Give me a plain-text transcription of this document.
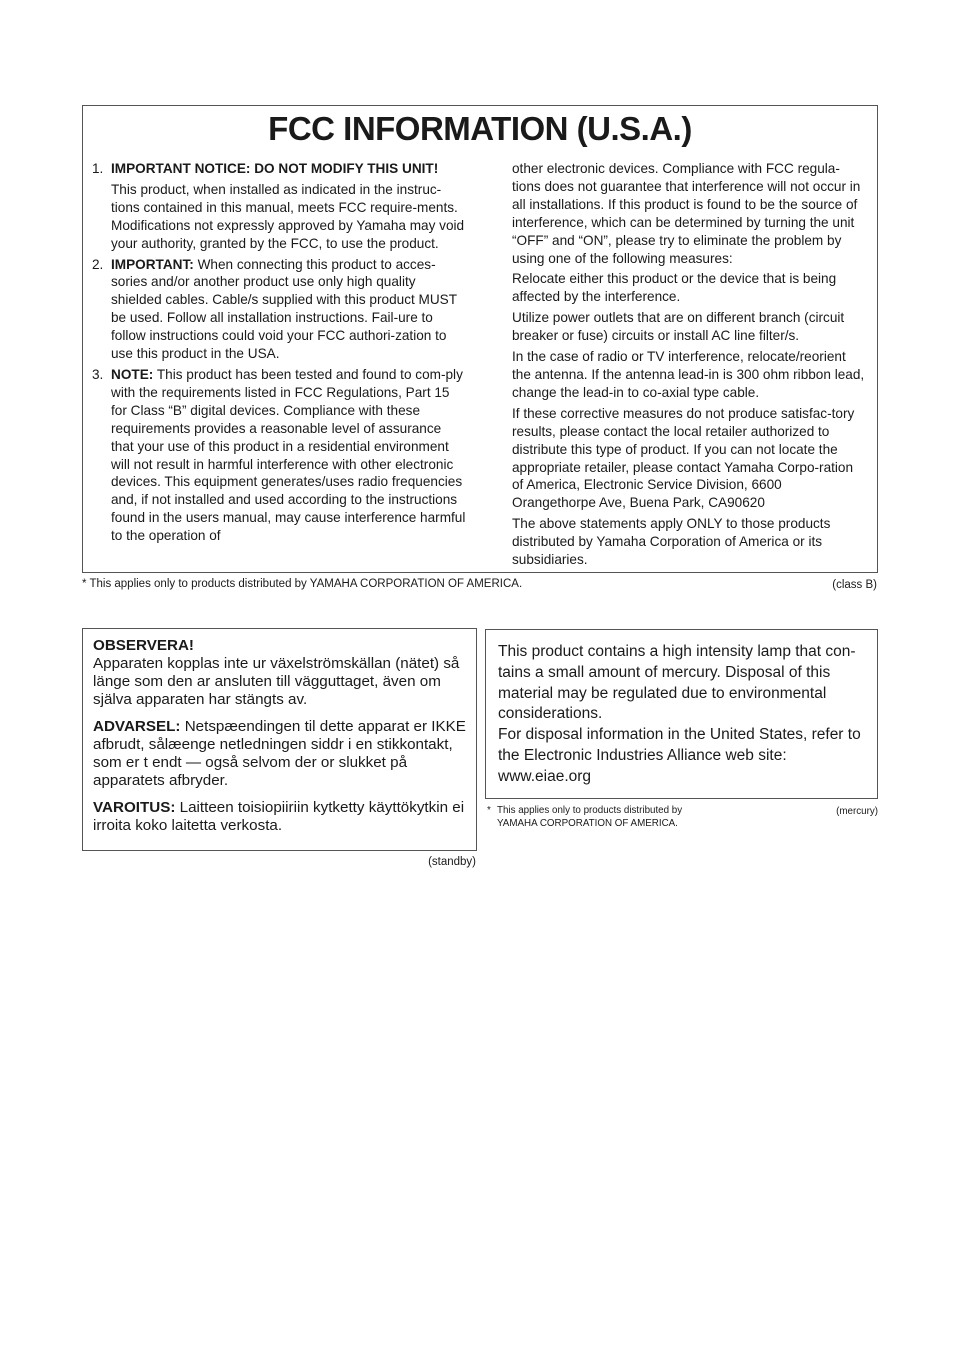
FCC INFORMATION (U.S.A.)
1. IMPORTANT NOTICE: DO NOT MODIFY THIS UNIT!
This product, when installed as indicated in the instruc-tions contained in this manual, meets FCC require-ments. Modifications not expressly approved by Yamaha may void your authority, granted by the FCC, to use the product.
2. IMPORTANT: When connecting this product to acces-sories and/or another product use only high quality shielded cables. Cable/s supplied with this product MUST be used. Follow all installation instructions. Fail-ure to follow instructions could void your FCC authori-zation to use this product in the USA.
3. NOTE: This product has been tested and found to com-ply with the requirements listed in FCC Regulations, Part 15 for Class “B” digital devices. Compliance with these requirements provides a reasonable level of assurance that your use of this product in a residential environment will not result in harmful interference with other electronic devices. This equipment generates/uses radio frequencies and, if not installed and used according to the instructions found in the users manual, may cause interference harmful to the operation of
other electronic devices. Compliance with FCC regula-tions does not guarantee that interference will not occur in all installations. If this product is found to be the source of interference, which can be determined by turning the unit “OFF” and “ON”, please try to eliminate the problem by using one of the following measures:
Relocate either this product or the device that is being affected by the interference.
Utilize power outlets that are on different branch (circuit breaker or fuse) circuits or install AC line filter/s.
In the case of radio or TV interference, relocate/reorient the antenna. If the antenna lead-in is 300 ohm ribbon lead, change the lead-in to co-axial type cable.
If these corrective measures do not produce satisfac-tory results, please contact the local retailer authorized to distribute this type of product. If you can not locate the appropriate retailer, please contact Yamaha Corpo-ration of America, Electronic Service Division, 6600 Orangethorpe Ave, Buena Park, CA90620
The above statements apply ONLY to those products distributed by Yamaha Corporation of America or its subsidiaries.
* This applies only to products distributed by YAMAHA CORPORATION OF AMERICA.	(class B)
OBSERVERA!
Apparaten kopplas inte ur växelströmskällan (nätet) så länge som den ar ansluten till vägguttaget, även om själva apparaten har stängts av.
ADVARSEL: Netspæendingen til dette apparat er IKKE afbrudt, sålæenge netledningen siddr i en stikkontakt, som er t endt — også selvom der or slukket på apparatets afbryder.
VAROITUS: Laitteen toisiopiiriin kytketty käyttökytkin ei irroita koko laitetta verkosta.
(standby)
This product contains a high intensity lamp that con-tains a small amount of mercury. Disposal of this material may be regulated due to environmental considerations.
For disposal information in the United States, refer to the Electronic Industries Alliance web site: www.eiae.org
* This applies only to products distributed by
YAMAHA CORPORATION OF AMERICA.
(mercury)
